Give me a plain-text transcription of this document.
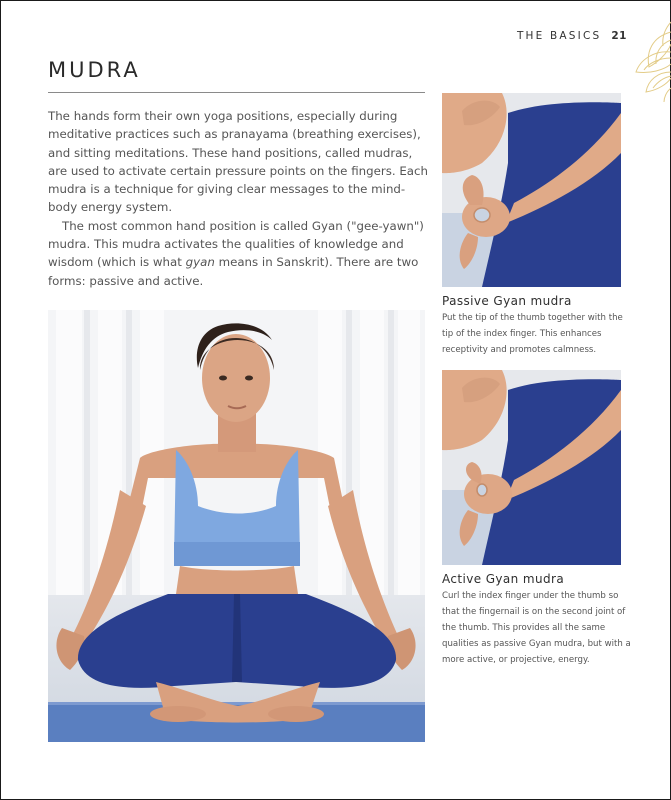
THE BASICS 21
MUDRA

The hands form their own yoga positions, especially during meditative practices such as pranayama (breathing exercises), and sitting meditations. These hand positions, called mudras, are used to activate certain pressure points on the fingers. Each mudra is a technique for giving clear messages to the mind-body energy system.

The most common hand position is called Gyan ("gee-yawn") mudra. This mudra activates the qualities of knowledge and wisdom (which is what gyan means in Sanskrit). There are two forms: passive and active.

Passive Gyan mudra
Put the tip of the thumb together with the tip of the index finger. This enhances receptivity and promotes calmness.
Active Gyan mudra
Curl the index finger under the thumb so that the fingernail is on the second joint of the thumb. This provides all the same qualities as passive Gyan mudra, but with a more active, or projective, energy.
